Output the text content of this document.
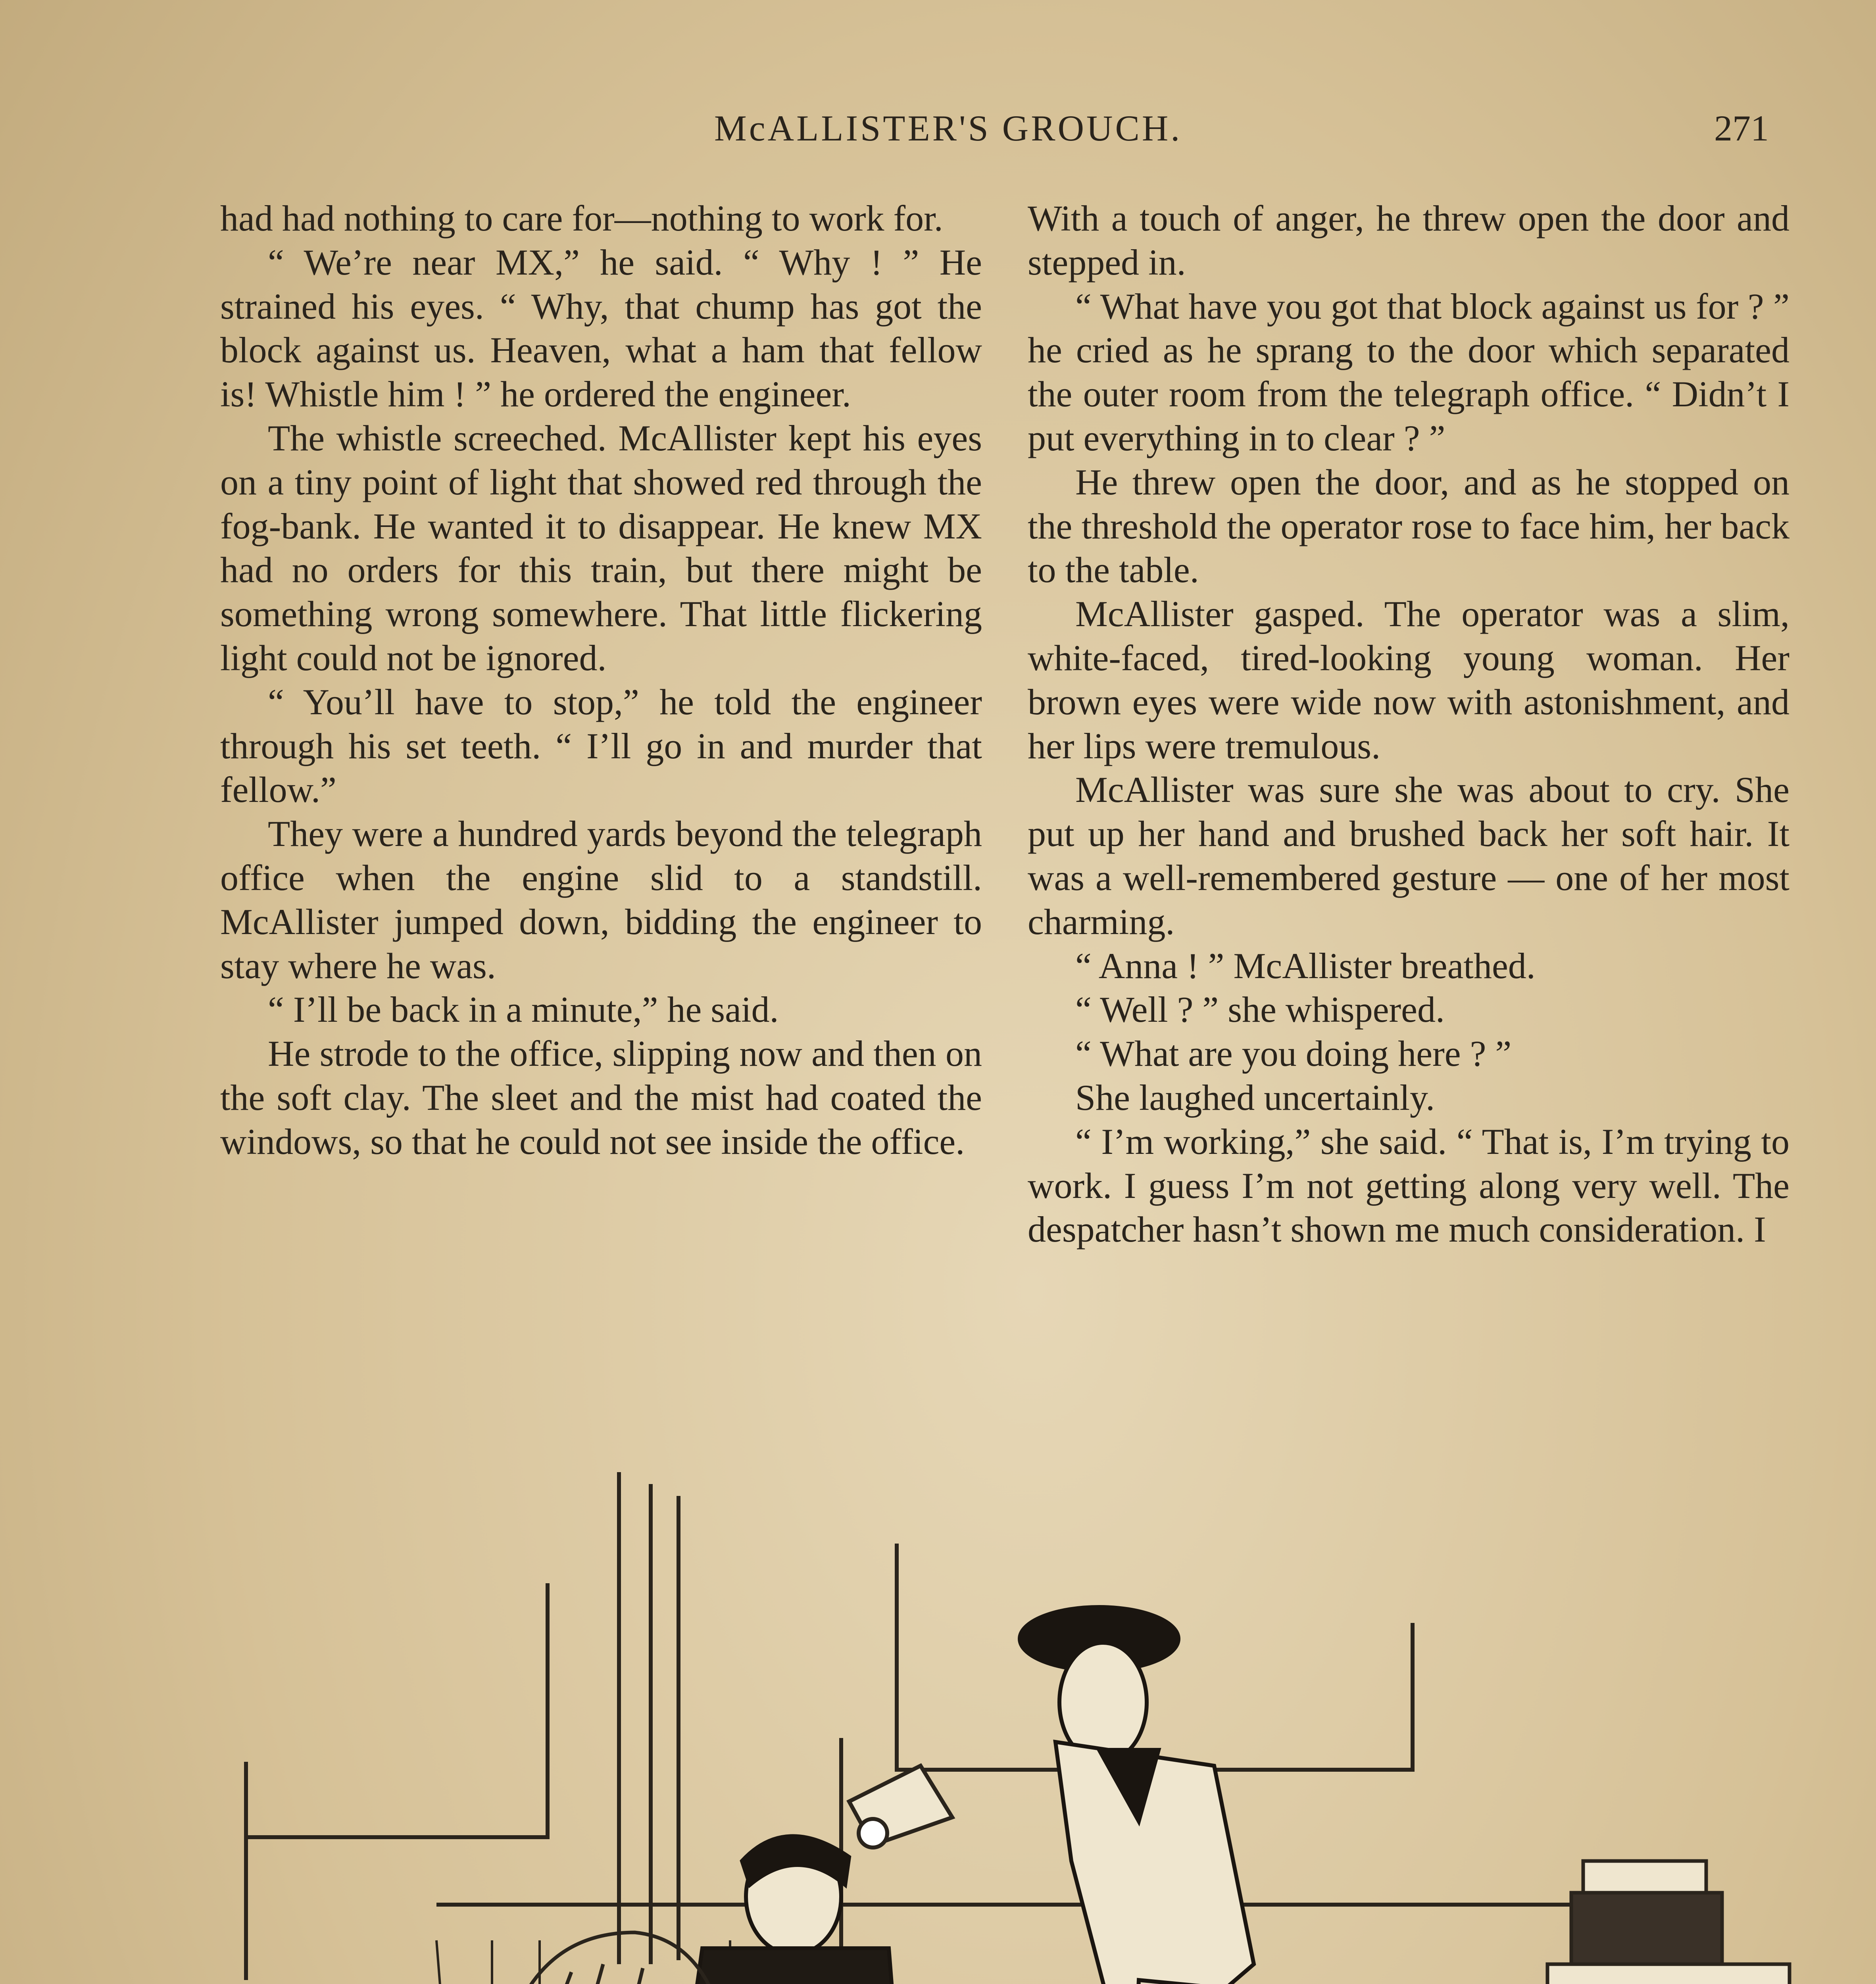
McALLISTER'S GROUCH.	271

had had nothing to care for—nothing to work for.

“ We’re near MX,” he said. “ Why ! ” He strained his eyes. “ Why, that chump has got the block against us. Heaven, what a ham that fellow is! Whistle him ! ” he ordered the engineer.

The whistle screeched. McAllister kept his eyes on a tiny point of light that showed red through the fog-bank. He wanted it to disappear. He knew MX had no orders for this train, but there might be something wrong somewhere. That little flickering light could not be ignored.

“ You’ll have to stop,” he told the engineer through his set teeth. “ I’ll go in and murder that fellow.”

They were a hundred yards beyond the telegraph office when the engine slid to a standstill. McAllister jumped down, bidding the engineer to stay where he was.

“ I’ll be back in a minute,” he said.

He strode to the office, slipping now and then on the soft clay. The sleet and the mist had coated the windows, so that he could not see inside the office.

With a touch of anger, he threw open the door and stepped in.

“ What have you got that block against us for ? ” he cried as he sprang to the door which separated the outer room from the telegraph office. “ Didn’t I put everything in to clear ? ”

He threw open the door, and as he stopped on the threshold the operator rose to face him, her back to the table.

McAllister gasped. The operator was a slim, white-faced, tired-looking young woman. Her brown eyes were wide now with astonishment, and her lips were tremulous.

McAllister was sure she was about to cry. She put up her hand and brushed back her soft hair. It was a well-remembered gesture — one of her most charming.

“ Anna ! ” McAllister breathed.

“ Well ? ” she whispered.

“ What are you doing here ? ”

She laughed uncertainly.

“ I’m working,” she said. “ That is, I’m trying to work. I guess I’m not getting along very well. The despatcher hasn’t shown me much consideration. I
